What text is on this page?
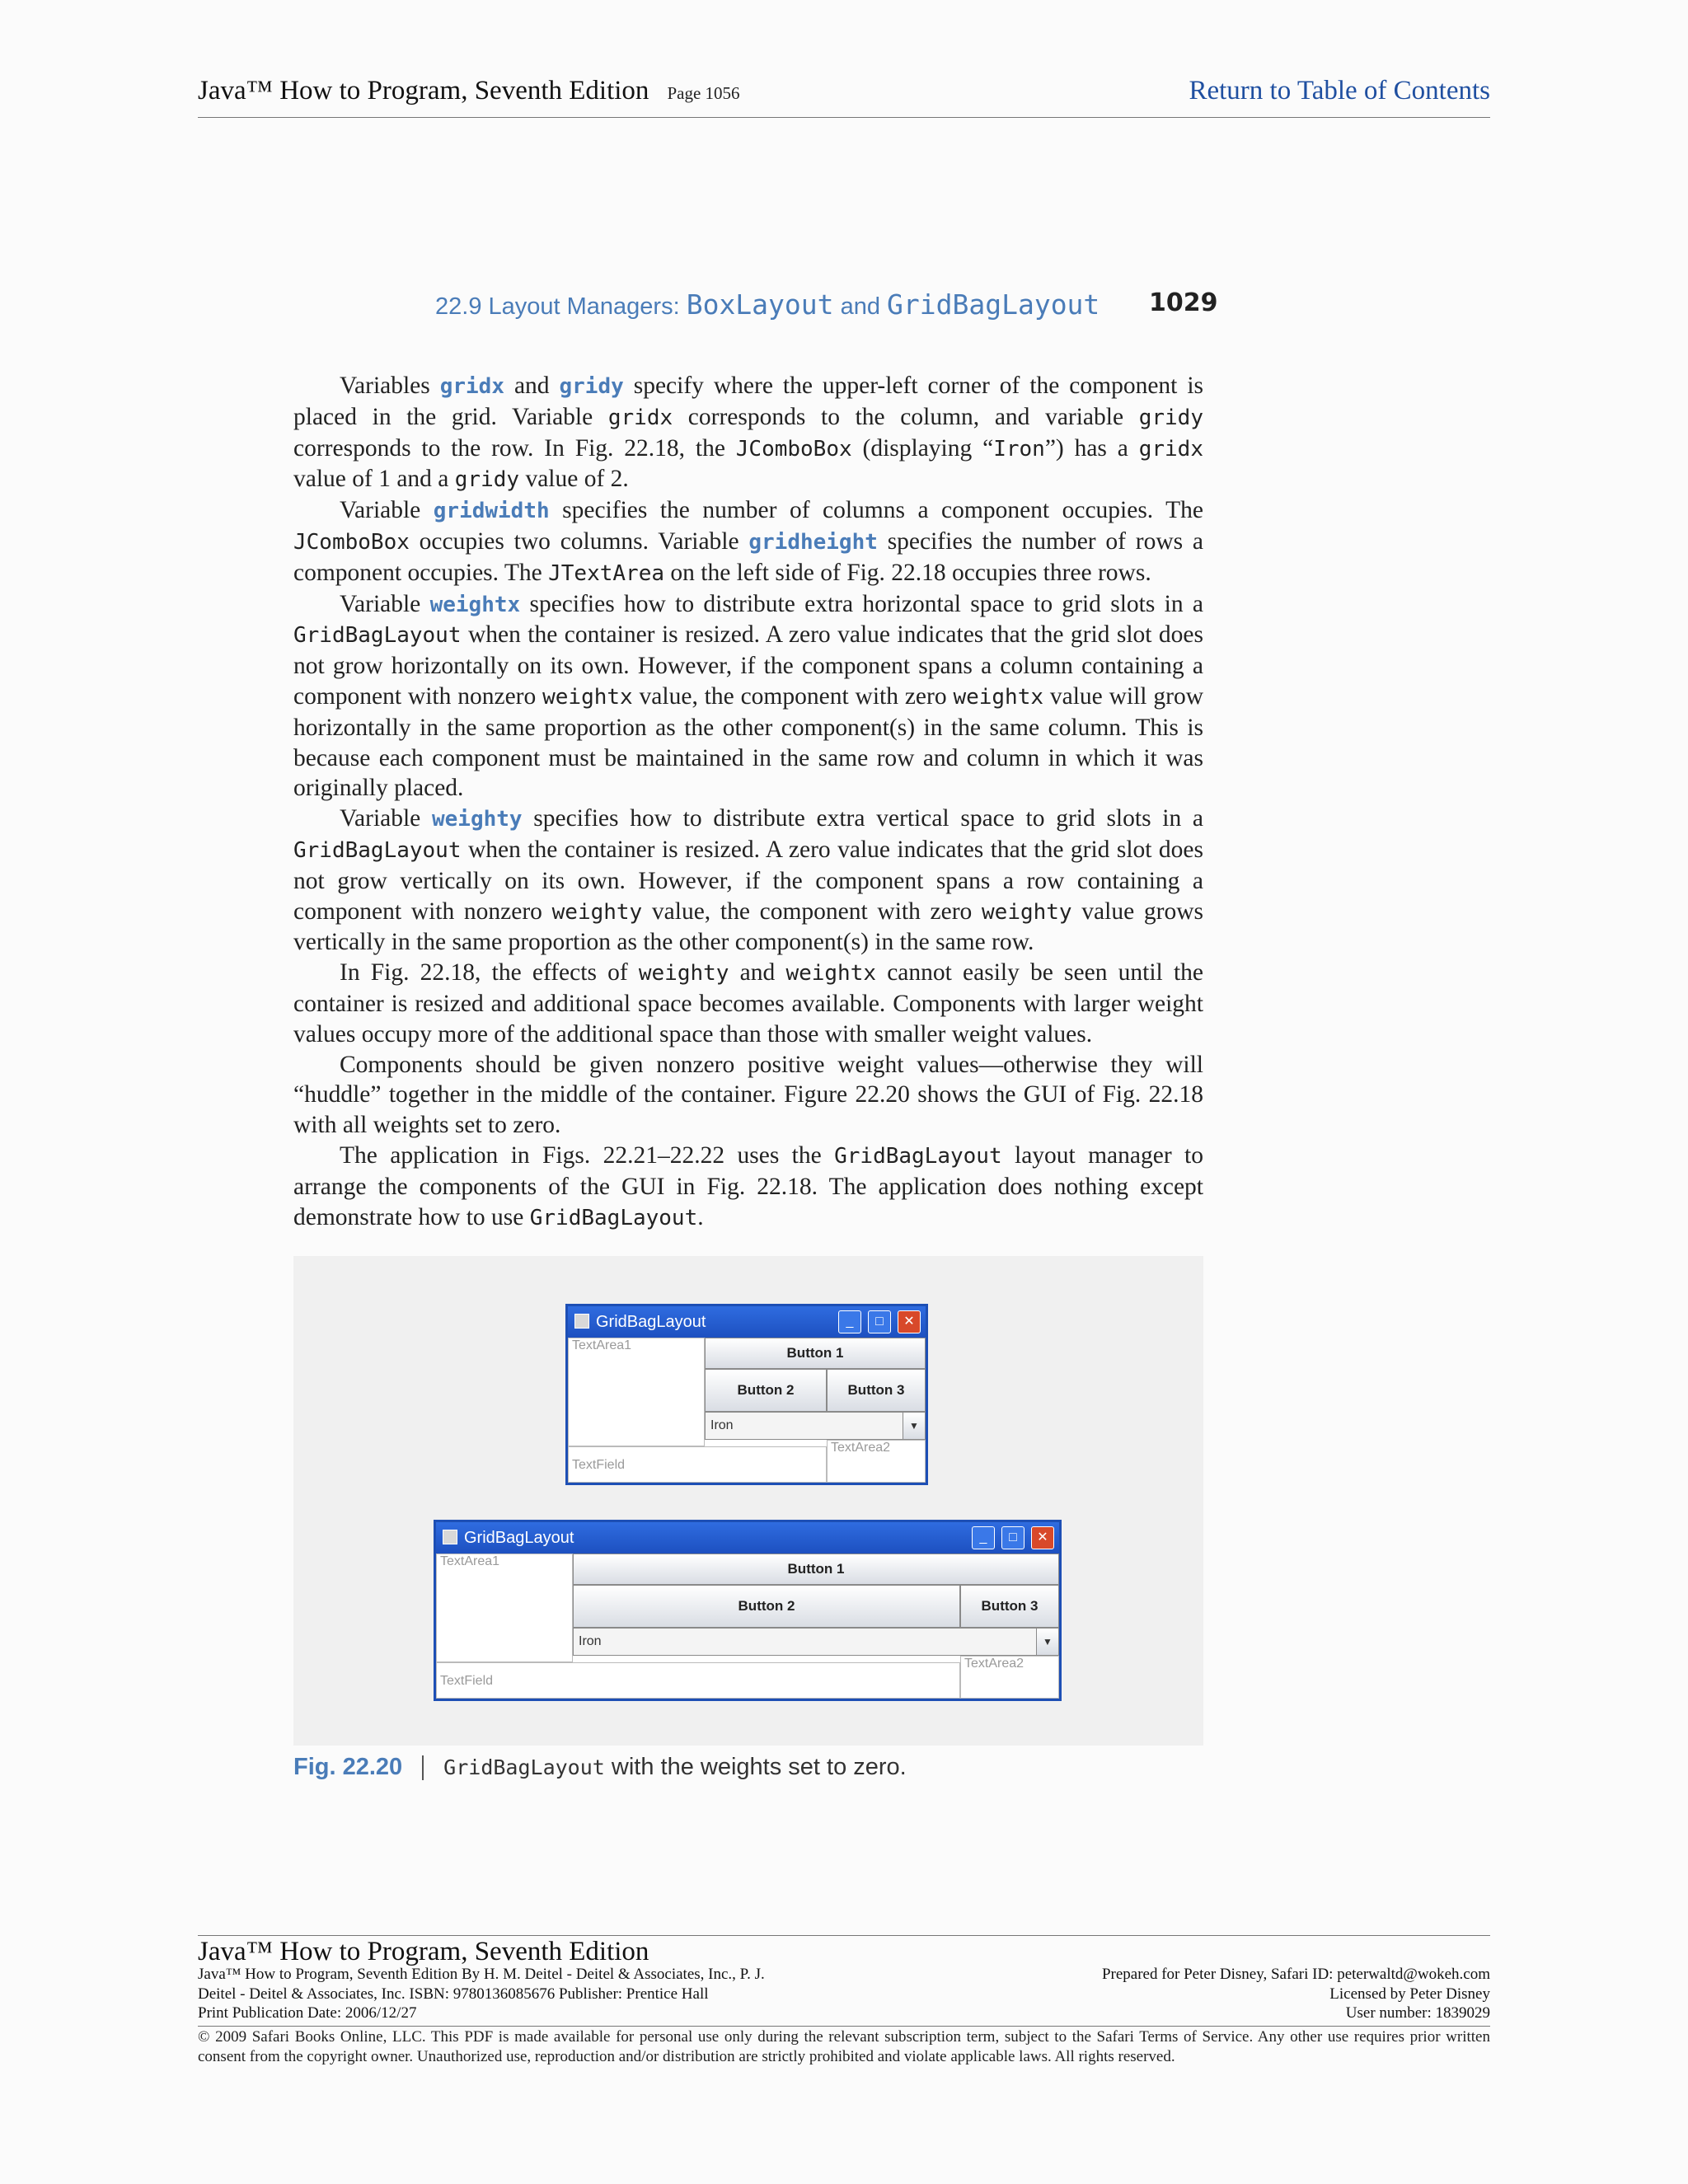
Java™ How to Program, Seventh Edition Page 1056	Return to Table of Contents
22.9 Layout Managers: BoxLayout and GridBagLayout 1029

Variables gridx and gridy specify where the upper-left corner of the component is placed in the grid. Variable gridx corresponds to the column, and variable gridy corresponds to the row. In Fig. 22.18, the JComboBox (displaying “Iron”) has a gridx value of 1 and a gridy value of 2.

Variable gridwidth specifies the number of columns a component occupies. The JComboBox occupies two columns. Variable gridheight specifies the number of rows a component occupies. The JTextArea on the left side of Fig. 22.18 occupies three rows.

Variable weightx specifies how to distribute extra horizontal space to grid slots in a GridBagLayout when the container is resized. A zero value indicates that the grid slot does not grow horizontally on its own. However, if the component spans a column containing a component with nonzero weightx value, the component with zero weightx value will grow horizontally in the same proportion as the other component(s) in the same column. This is because each component must be maintained in the same row and column in which it was originally placed.

Variable weighty specifies how to distribute extra vertical space to grid slots in a GridBagLayout when the container is resized. A zero value indicates that the grid slot does not grow vertically on its own. However, if the component spans a row containing a component with nonzero weighty value, the component with zero weighty value grows vertically in the same proportion as the other component(s) in the same row.

In Fig. 22.18, the effects of weighty and weightx cannot easily be seen until the container is resized and additional space becomes available. Components with larger weight values occupy more of the additional space than those with smaller weight values.

Components should be given nonzero positive weight values—otherwise they will “huddle” together in the middle of the container. Figure 22.20 shows the GUI of Fig. 22.18 with all weights set to zero.

The application in Figs. 22.21–22.22 uses the GridBagLayout layout manager to arrange the components of the GUI in Fig. 22.18. The application does nothing except demonstrate how to use GridBagLayout.

GridBagLayout	_	□	✕
TextArea1	Button 1
Button 2	Button 3
Iron	▼
TextField
TextArea2
GridBagLayout	_	□	✕
TextArea1	Button 1
Button 2	Button 3
Iron	▼
TextField
TextArea2
Fig. 22.20 GridBagLayout with the weights set to zero.
Java™ How to Program, Seventh Edition
Java™ How to Program, Seventh Edition By H. M. Deitel - Deitel & Associates, Inc., P. J.
Deitel - Deitel & Associates, Inc. ISBN: 9780136085676 Publisher: Prentice Hall
Print Publication Date: 2006/12/27
Prepared for Peter Disney, Safari ID: peterwaltd@wokeh.com
Licensed by Peter Disney
User number: 1839029
© 2009 Safari Books Online, LLC. This PDF is made available for personal use only during the relevant subscription term, subject to the Safari Terms of Service. Any other use requires prior written consent from the copyright owner. Unauthorized use, reproduction and/or distribution are strictly prohibited and violate applicable laws. All rights reserved.
